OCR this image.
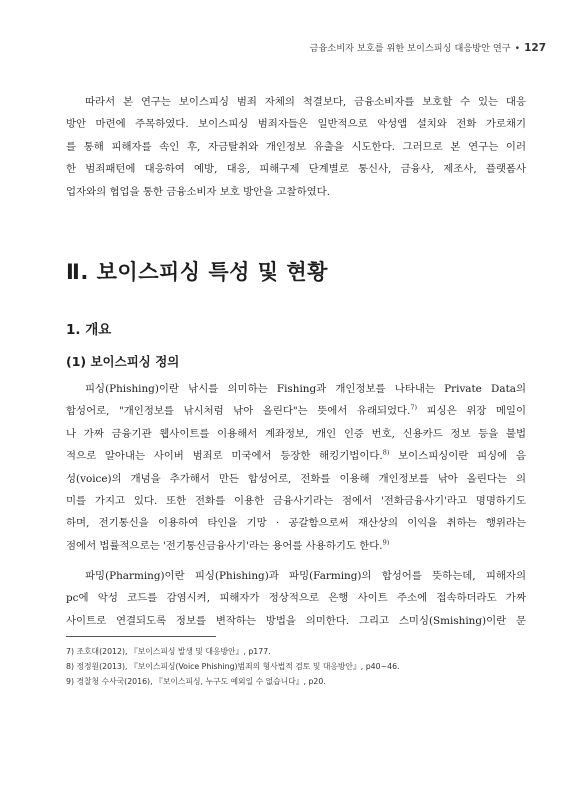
금융소비자 보호를 위한 보이스피싱 대응방안 연구 • 127

따라서 본 연구는 보이스피싱 범죄 자체의 척결보다, 금융소비자를 보호할 수 있는 대응
방안 마련에 주목하였다. 보이스피싱 범죄자들은 일반적으로 악성앱 설치와 전화 가로채기
를 통해 피해자를 속인 후, 자금탈취와 개인정보 유출을 시도한다. 그러므로 본 연구는 이러
한 범죄패턴에 대응하여 예방, 대응, 피해구제 단계별로 통신사, 금융사, 제조사, 플랫폼사
업자와의 협업을 통한 금융소비자 보호 방안을 고찰하였다.

Ⅱ. 보이스피싱 특성 및 현황
1. 개요
(1) 보이스피싱 정의

피싱(Phishing)이란 낚시를 의미하는 Fishing과 개인정보를 나타내는 Private Data의
합성어로, "개인정보를 낚시처럼 낚아 올린다"는 뜻에서 유래되었다.$^{7)}$ 피싱은 위장 메일이
나 가짜 금융기관 웹사이트를 이용해서 계좌정보, 개인 인증 번호, 신용카드 정보 등을 불법
적으로 알아내는 사이버 범죄로 미국에서 등장한 해킹기법이다.$^{8)}$ 보이스피싱이란 피싱에 음
성(voice)의 개념을 추가해서 만든 합성어로, 전화를 이용해 개인정보를 낚아 올린다는 의
미를 가지고 있다. 또한 전화를 이용한 금융사기라는 점에서 '전화금융사기'라고 명명하기도
하며, 전기통신을 이용하여 타인을 기망 · 공갈함으로써 재산상의 이익을 취하는 행위라는
점에서 법률적으로는 '전기통신금융사기'라는 용어를 사용하기도 한다.$^{9)}$

파밍(Pharming)이란 피싱(Phishing)과 파밍(Farming)의 합성어를 뜻하는데, 피해자의
pc에 악성 코드를 감염시켜, 피해자가 정상적으로 은행 사이트 주소에 접속하더라도 가짜
사이트로 연결되도록 정보를 변작하는 방법을 의미한다. 그리고 스미싱(Smishing)이란 문

7) 조호대(2012), 『보이스피싱 발생 및 대응방안』, p177.
8) 정정원(2013), 『보이스피싱(Voice Phishing)범죄의 형사법적 검토 및 대응방안』, p40~46.
9) 경찰청 수사국(2016), 『보이스피싱, 누구도 예외일 수 없습니다』, p20.
